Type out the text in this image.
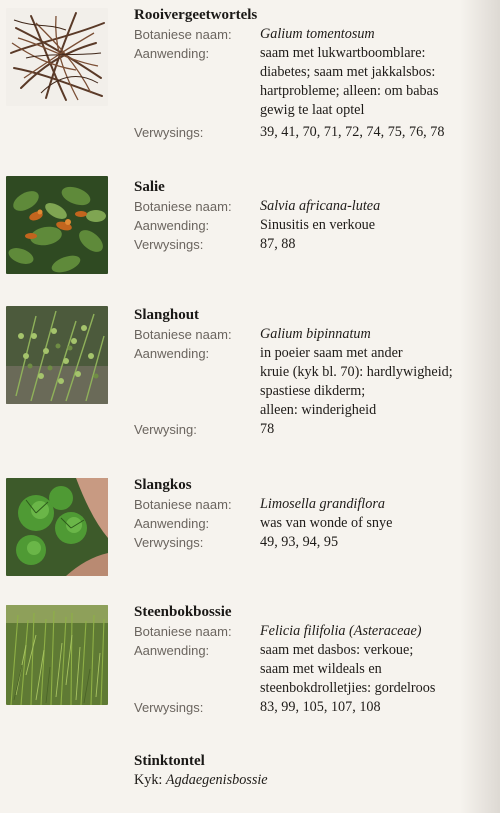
Rooivergeetwortels
Botaniese naam:	Galium tomentosum
Aanwending:	saam met lukwartboomblare:
diabetes; saam met jakkalsbos:
hartprobleme; alleen: om babas
gewig te laat optel
Verwysings:	39, 41, 70, 71, 72, 74, 75, 76, 78
Salie
Botaniese naam:	Salvia africana-lutea
Aanwending:	Sinusitis en verkoue
Verwysings:	87, 88
Slanghout
Botaniese naam:	Galium bipinnatum
Aanwending:	in poeier saam met ander
kruie (kyk bl. 70): hardlywigheid;
spastiese dikderm;
alleen: winderigheid
Verwysing:	78
Slangkos
Botaniese naam:	Limosella grandiflora
Aanwending:	was van wonde of snye
Verwysings:	49, 93, 94, 95
Steenbokbossie
Botaniese naam:	Felicia filifolia (Asteraceae)
Aanwending:	saam met dasbos: verkoue;
saam met wildeals en
steenbokdrolletjies: gordelroos
Verwysings:	83, 99, 105, 107, 108
Stinktontel
Kyk: Agdaegenisbossie
